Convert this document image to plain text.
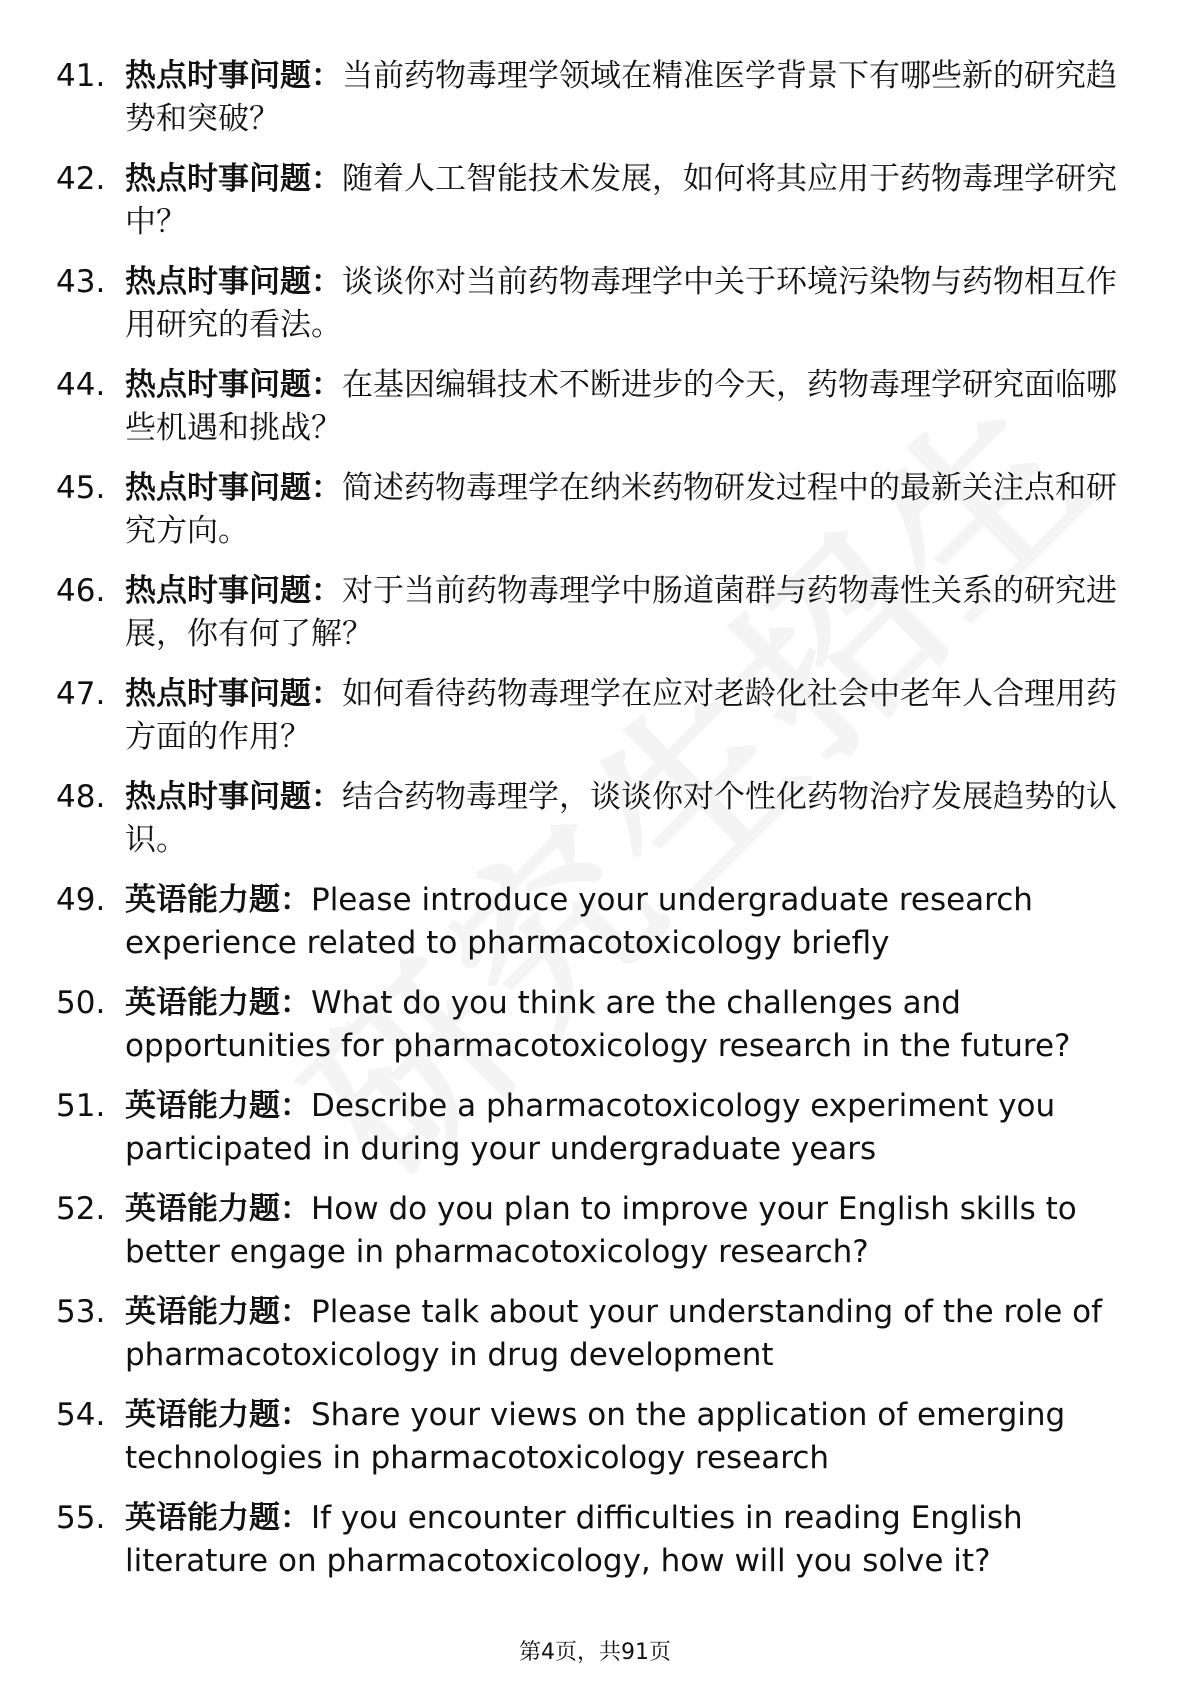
41. 热点时事问题：当前药物毒理学领域在精准医学背景下有哪些新的研究趋势和突破？
42. 热点时事问题：随着人工智能技术发展，如何将其应用于药物毒理学研究中？
43. 热点时事问题：谈谈你对当前药物毒理学中关于环境污染物与药物相互作用研究的看法。
44. 热点时事问题：在基因编辑技术不断进步的今天，药物毒理学研究面临哪些机遇和挑战？
45. 热点时事问题：简述药物毒理学在纳米药物研发过程中的最新关注点和研究方向。
46. 热点时事问题：对于当前药物毒理学中肠道菌群与药物毒性关系的研究进展，你有何了解？
47. 热点时事问题：如何看待药物毒理学在应对老龄化社会中老年人合理用药方面的作用？
48. 热点时事问题：结合药物毒理学，谈谈你对个性化药物治疗发展趋势的认识。
49. 英语能力题：Please introduce your undergraduate research experience related to pharmacotoxicology briefly
50. 英语能力题：What do you think are the challenges and opportunities for pharmacotoxicology research in the future?
51. 英语能力题：Describe a pharmacotoxicology experiment you participated in during your undergraduate years
52. 英语能力题：How do you plan to improve your English skills to better engage in pharmacotoxicology research?
53. 英语能力题：Please talk about your understanding of the role of pharmacotoxicology in drug development
54. 英语能力题：Share your views on the application of emerging technologies in pharmacotoxicology research
55. 英语能力题：If you encounter difficulties in reading English literature on pharmacotoxicology, how will you solve it?
第4页，共91页
